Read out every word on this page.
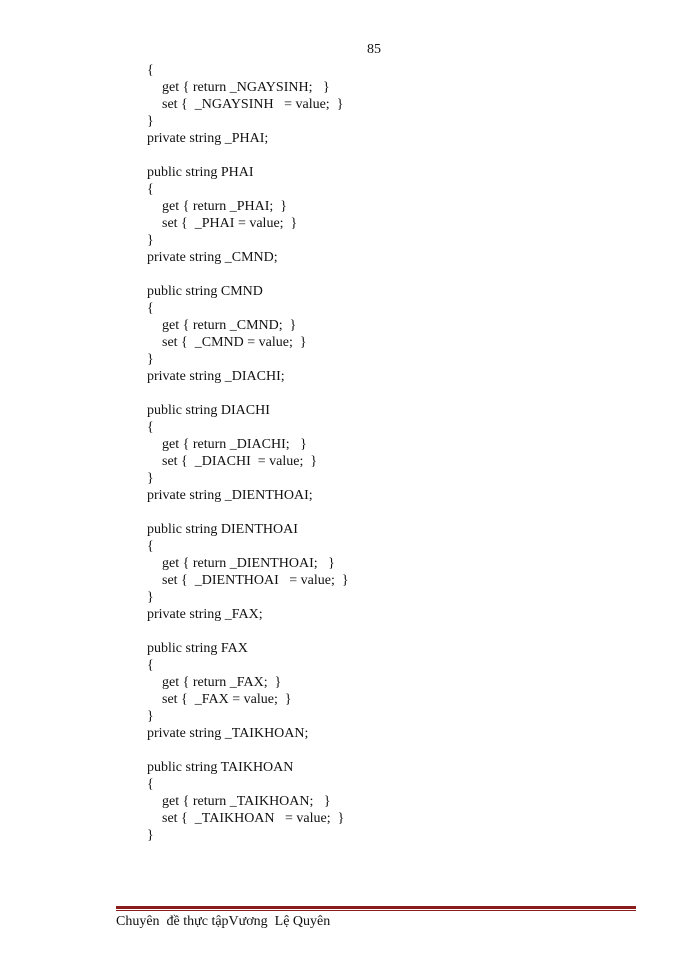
85
{
get { return _NGAYSINH;   }
set {  _NGAYSINH   = value;  }
}
private string _PHAI;
public string PHAI
{
get { return _PHAI;  }
set {  _PHAI = value;  }
}
private string _CMND;
public string CMND
{
get { return _CMND;  }
set {  _CMND = value;  }
}
private string _DIACHI;
public string DIACHI
{
get { return _DIACHI;   }
set {  _DIACHI  = value;  }
}
private string _DIENTHOAI;
public string DIENTHOAI
{
get { return _DIENTHOAI;   }
set {  _DIENTHOAI   = value;  }
}
private string _FAX;
public string FAX
{
get { return _FAX;  }
set {  _FAX = value;  }
}
private string _TAIKHOAN;
public string TAIKHOAN
{
get { return _TAIKHOAN;   }
set {  _TAIKHOAN   = value;  }
}
Chuyên  đề thực tậpVương  Lệ Quyên
